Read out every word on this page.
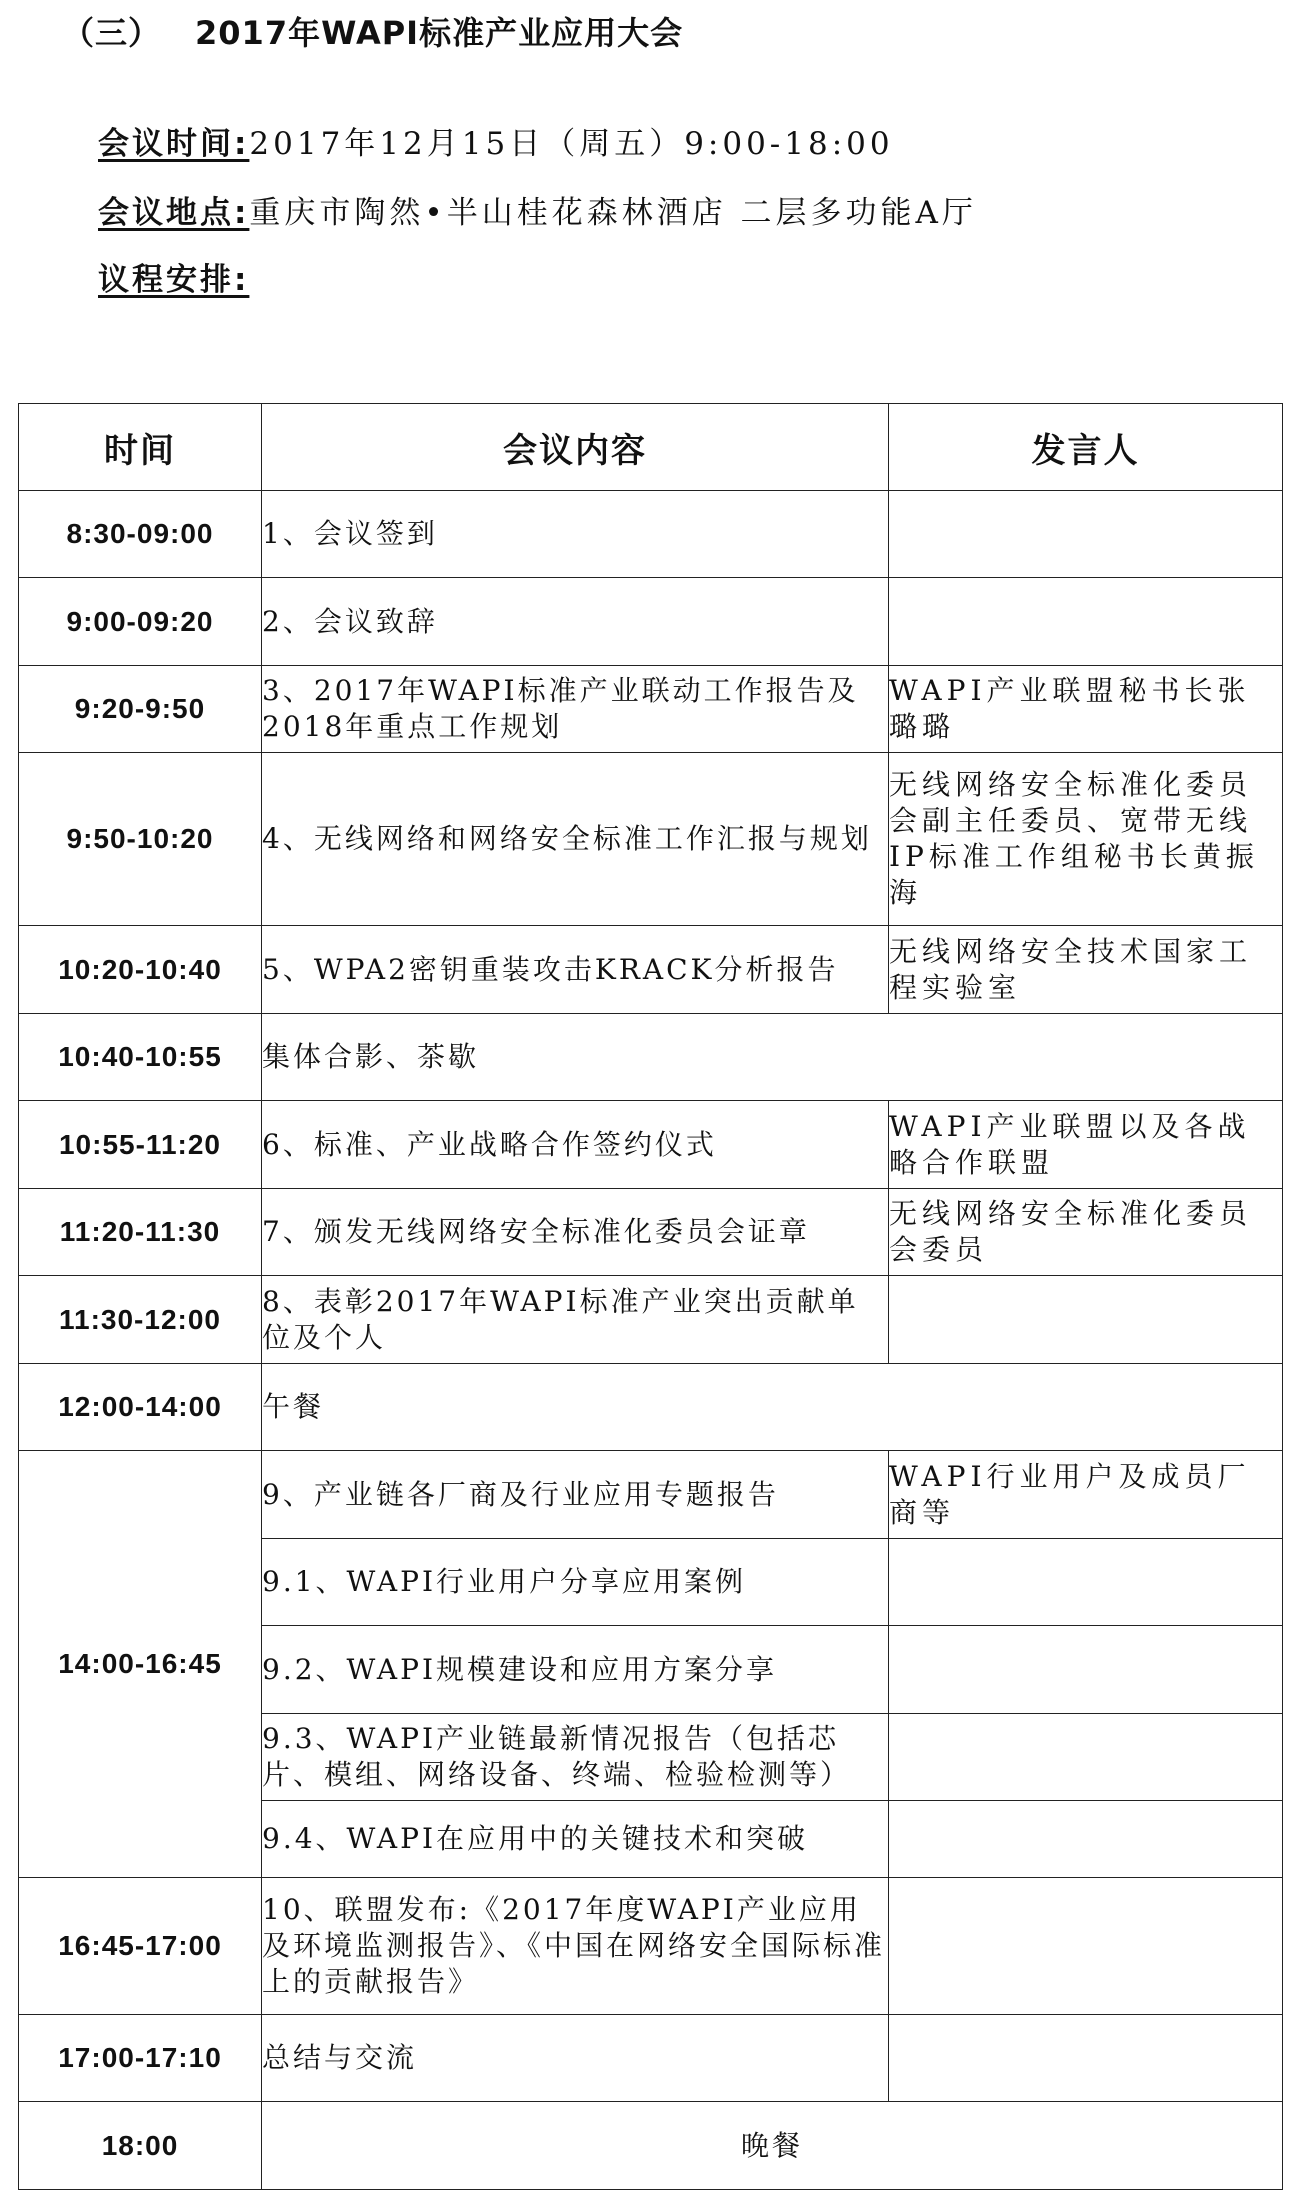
（三） 2017年WAPI标准产业应用大会
会议时间:2017年12月15日（周五）9:00-18:00
会议地点:重庆市陶然•半山桂花森林酒店 二层多功能A厅
议程安排:
时间	会议内容	发言人
8:30-09:00	1、会议签到	
9:00-09:20	2、会议致辞	
9:20-9:50	3、2017年WAPI标准产业联动工作报告及2018年重点工作规划	WAPI产业联盟秘书长张璐璐
9:50-10:20	4、无线网络和网络安全标准工作汇报与规划	无线网络安全标准化委员会副主任委员、宽带无线IP标准工作组秘书长黄振海
10:20-10:40	5、WPA2密钥重装攻击KRACK分析报告	无线网络安全技术国家工程实验室
10:40-10:55	集体合影、茶歇	
10:55-11:20	6、标准、产业战略合作签约仪式	WAPI产业联盟以及各战略合作联盟
11:20-11:30	7、颁发无线网络安全标准化委员会证章	无线网络安全标准化委员会委员
11:30-12:00	8、表彰2017年WAPI标准产业突出贡献单位及个人	
12:00-14:00	午餐	
14:00-16:45	9、产业链各厂商及行业应用专题报告	WAPI行业用户及成员厂商等
	9.1、WAPI行业用户分享应用案例	
	9.2、WAPI规模建设和应用方案分享	
	9.3、WAPI产业链最新情况报告（包括芯片、模组、网络设备、终端、检验检测等）	
	9.4、WAPI在应用中的关键技术和突破	
16:45-17:00	10、联盟发布:《2017年度WAPI产业应用及环境监测报告》、《中国在网络安全国际标准上的贡献报告》	
17:00-17:10	总结与交流	
18:00	晚餐	
